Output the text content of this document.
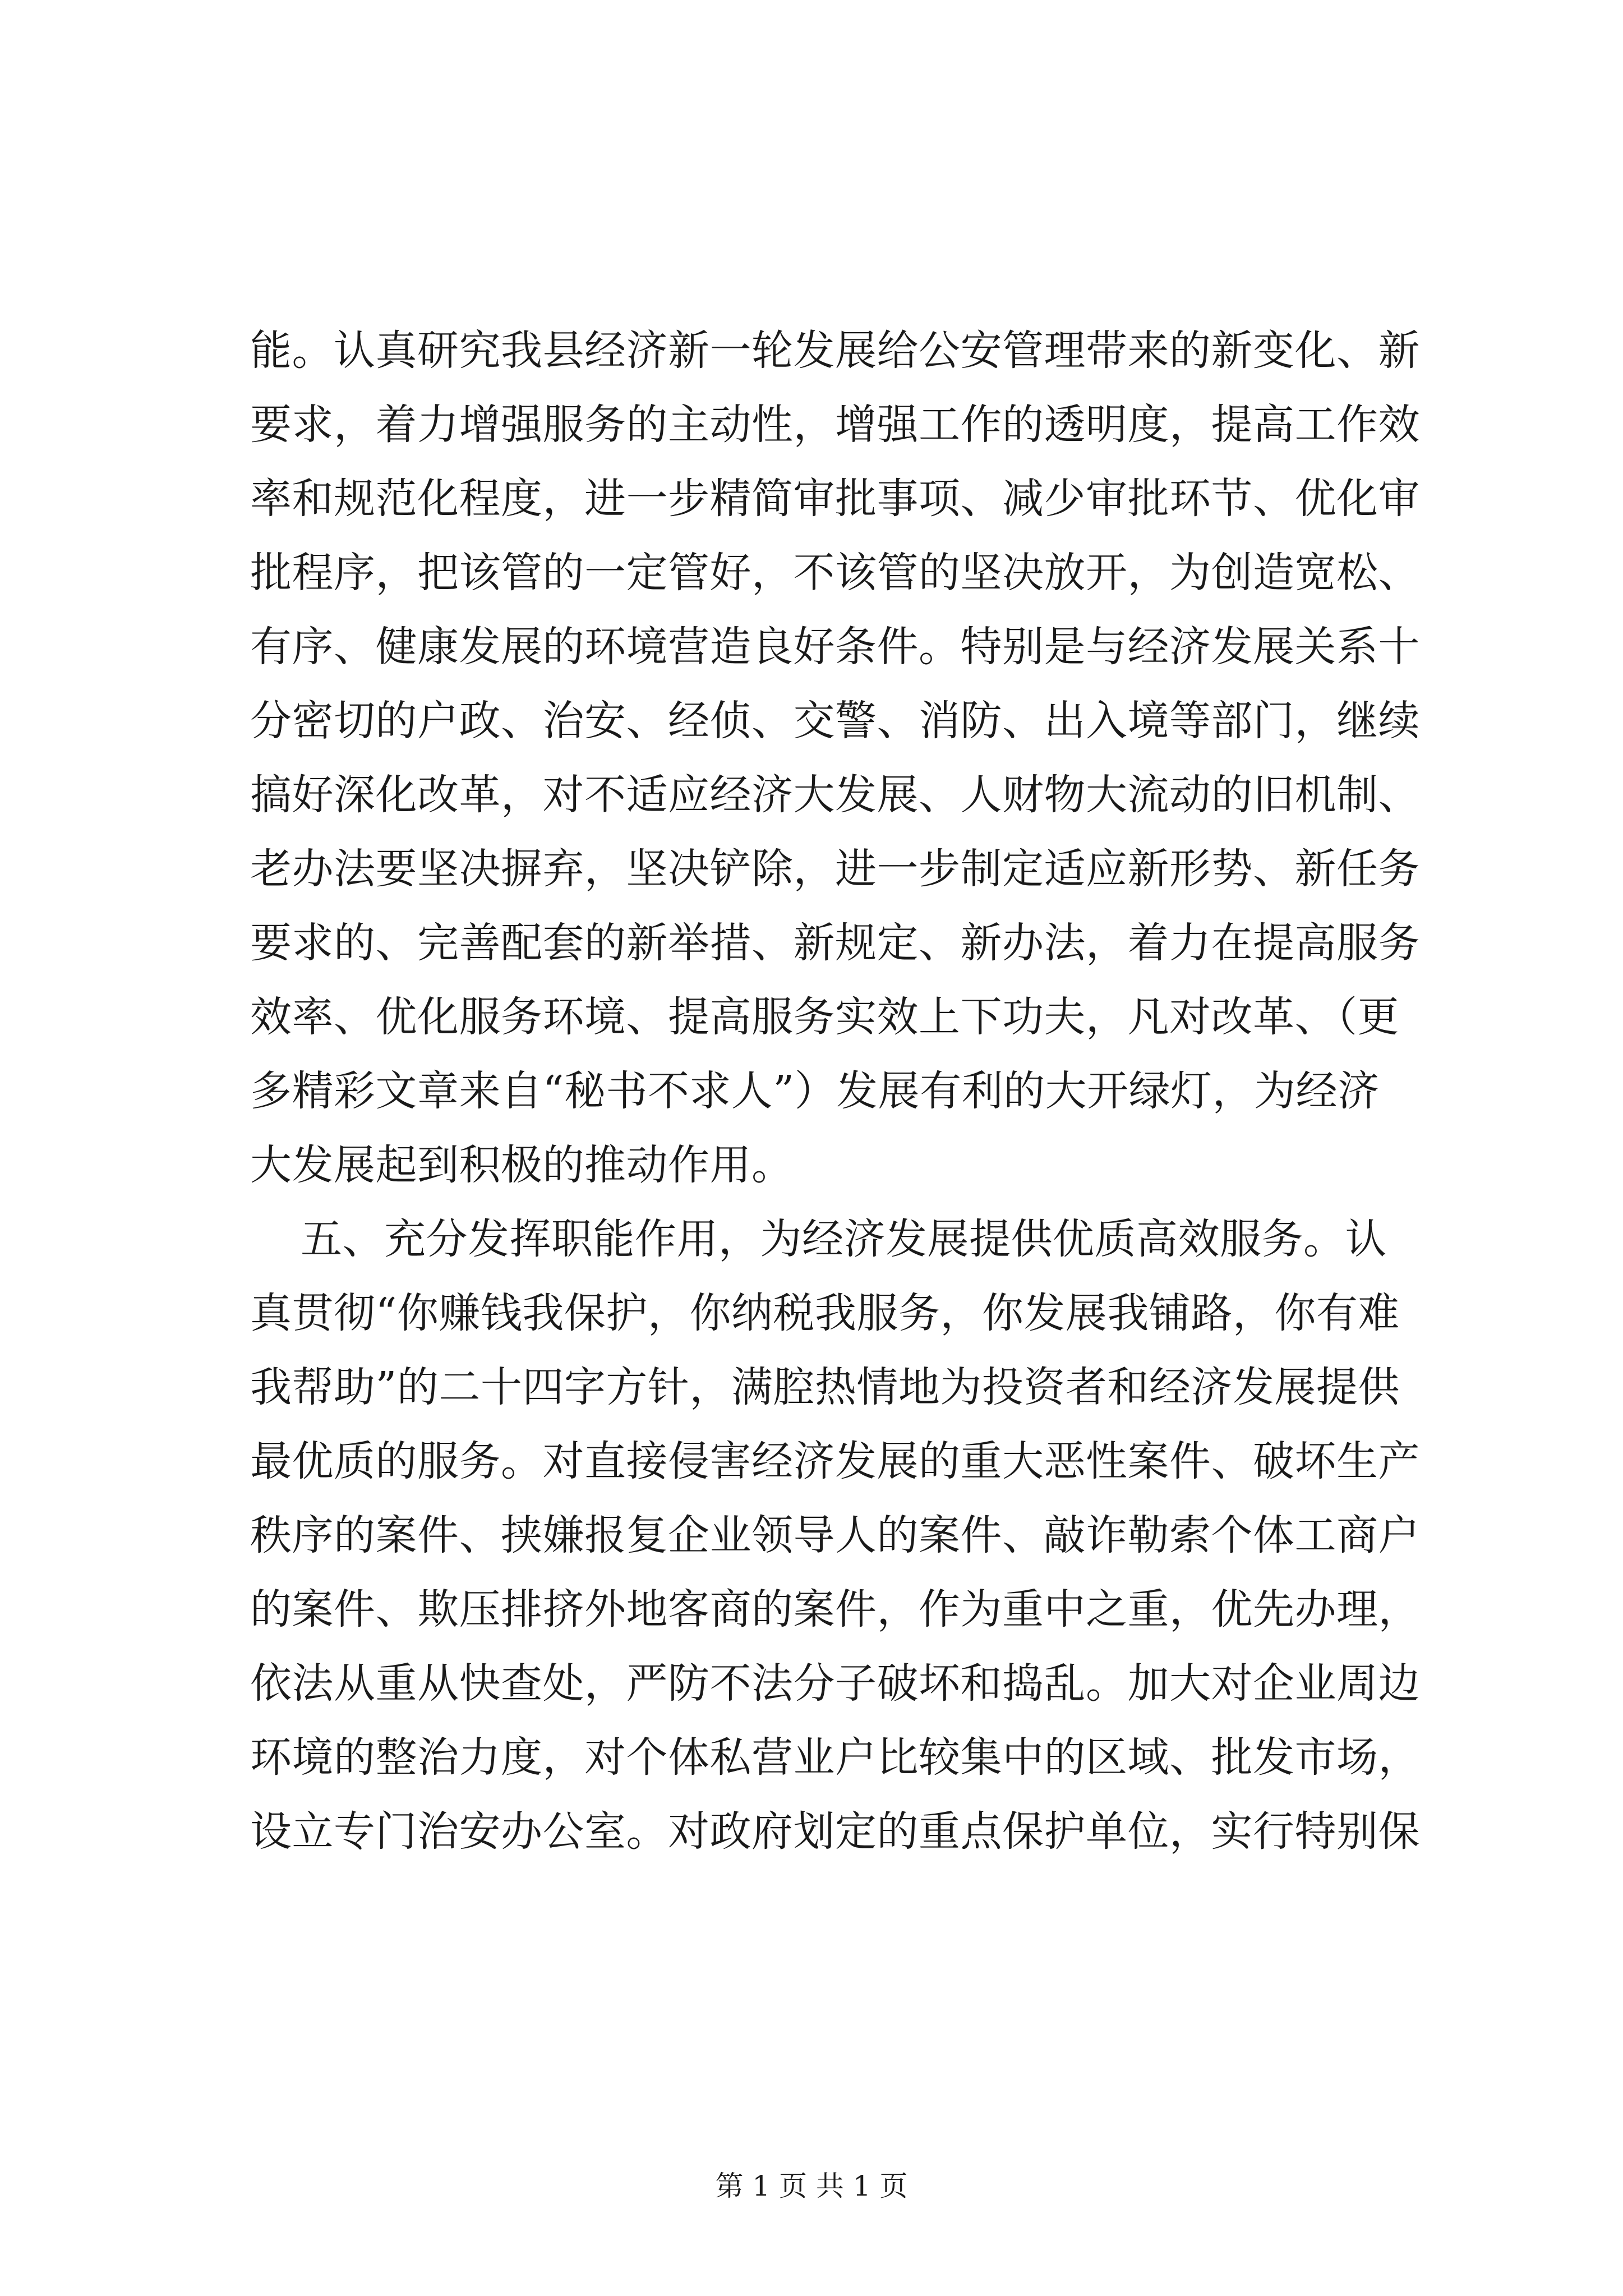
能。认真研究我县经济新一轮发展给公安管理带来的新变化、新
要求，着力增强服务的主动性，增强工作的透明度，提高工作效
率和规范化程度，进一步精简审批事项、减少审批环节、优化审
批程序，把该管的一定管好，不该管的坚决放开，为创造宽松、
有序、健康发展的环境营造良好条件。特别是与经济发展关系十
分密切的户政、治安、经侦、交警、消防、出入境等部门，继续
搞好深化改革，对不适应经济大发展、人财物大流动的旧机制、
老办法要坚决摒弃，坚决铲除，进一步制定适应新形势、新任务
要求的、完善配套的新举措、新规定、新办法，着力在提高服务
效率、优化服务环境、提高服务实效上下功夫，凡对改革、（更
多精彩文章来自“秘书不求人”）发展有利的大开绿灯，为经济
大发展起到积极的推动作用。
五、充分发挥职能作用，为经济发展提供优质高效服务。认
真贯彻“你赚钱我保护，你纳税我服务，你发展我铺路，你有难
我帮助”的二十四字方针，满腔热情地为投资者和经济发展提供
最优质的服务。对直接侵害经济发展的重大恶性案件、破坏生产
秩序的案件、挟嫌报复企业领导人的案件、敲诈勒索个体工商户
的案件、欺压排挤外地客商的案件，作为重中之重，优先办理，
依法从重从快查处，严防不法分子破坏和捣乱。加大对企业周边
环境的整治力度，对个体私营业户比较集中的区域、批发市场，
设立专门治安办公室。对政府划定的重点保护单位，实行特别保
第 1 页 共 1 页
